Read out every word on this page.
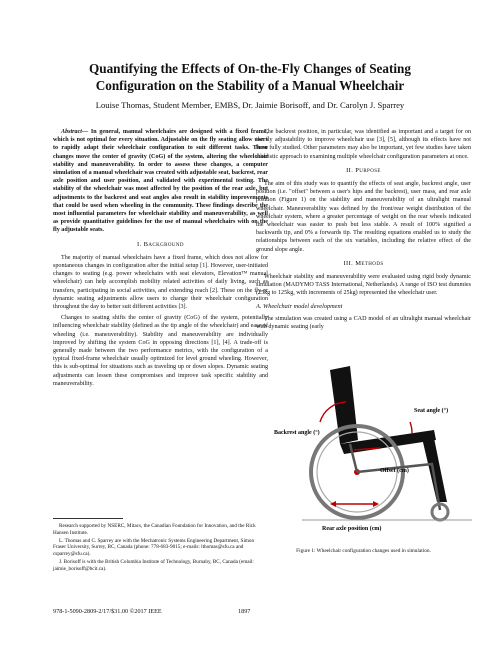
Quantifying the Effects of On-the-Fly Changes of Seating
Configuration on the Stability of a Manual Wheelchair
Louise Thomas, Student Member, EMBS, Dr. Jaimie Borisoff, and Dr. Carolyn J. Sparrey

Abstract— In general, manual wheelchairs are designed with a fixed frame, which is not optimal for every situation. Adjustable on the fly seating allow users to rapidly adapt their wheelchair configuration to suit different tasks. These changes move the center of gravity (CoG) of the system, altering the wheelchair stability and maneuverability. In order to assess these changes, a computer simulation of a manual wheelchair was created with adjustable seat, backrest, rear axle position and user position, and validated with experimental testing. The stability of the wheelchair was most affected by the position of the rear axle, but adjustments to the backrest and seat angles also result in stability improvements that could be used when wheeling in the community. These findings describe the most influential parameters for wheelchair stability and maneuverability, as well as provide quantitative guidelines for the use of manual wheelchairs with on the fly adjustable seats.

I. Background

The majority of manual wheelchairs have a fixed frame, which does not allow for spontaneous changes in configuration after the initial setup [1]. However, user-initiated changes to seating (e.g. power wheelchairs with seat elevators, Elevation™ manual wheelchair) can help accomplish mobility related activities of daily living, such as transfers, participating in social activities, and extending reach [2]. These on the fly or dynamic seating adjustments allow users to change their wheelchair configuration throughout the day to better suit different activities [3].

Changes to seating shifts the center of gravity (CoG) of the system, potentially influencing wheelchair stability (defined as the tip angle of the wheelchair) and ease of wheeling (i.e. maneuverability). Stability and maneuverability are individually improved by shifting the system CoG in opposing directions [1], [4]. A trade-off is generally made between the two performance metrics, with the configuration of a typical fixed-frame wheelchair usually optimized for level ground wheeling. However, this is sub-optimal for situations such as traveling up or down slopes. Dynamic seating adjustments can lessen these compromises and improve task specific stability and maneuverability.

Research supported by NSERC, Mitacs, the Canadian Foundation for Innovation, and the Rick Hansen Institute.

L. Thomas and C. Sparrey are with the Mechatronic Systems Engineering Department, Simon Fraser University, Surrey, BC, Canada (phone: 778-683-9015; e-mails: lthomas@sfu.ca and csparrey@sfu.ca).

J. Borisoff is with the British Columbia Institute of Technology, Burnaby, BC, Canada (email: jaimie_borisoff@bcit.ca).

The backrest position, in particular, was identified as important and a target for on the fly adjustability to improve wheelchair use [3], [5], although its effects have not been fully studied. Other parameters may also be important, yet few studies have taken a holistic approach to examining multiple wheelchair configuration parameters at once.

II. Purpose

The aim of this study was to quantify the effects of seat angle, backrest angle, user position (i.e. "offset" between a user's hips and the backrest), user mass, and rear axle position (Figure 1) on the stability and maneuverability of an ultralight manual wheelchair. Maneuverability was defined by the front/rear weight distribution of the wheelchair system, where a greater percentage of weight on the rear wheels indicated the wheelchair was easier to push but less stable. A result of 100% signified a backwards tip, and 0% a forwards tip. The resulting equations enabled us to study the relationships between each of the six variables, including the relative effect of the ground slope angle.

III. Methods

Wheelchair stability and maneuverability were evaluated using rigid body dynamic simulation (MADYMO TASS International, Netherlands). A range of ISO test dummies (25kg to 125kg, with increments of 25kg) represented the wheelchair user.

A. Wheelchair model development

The simulation was created using a CAD model of an ultralight manual wheelchair with dynamic seating (early

Seat angle (°)
Backrest angle (°)
Offset (cm)
Rear axle position (cm)
Figure 1: Wheelchair configuration changes used in simulation.
978-1-5090-2809-2/17/$31.00 ©2017 IEEE	1897
